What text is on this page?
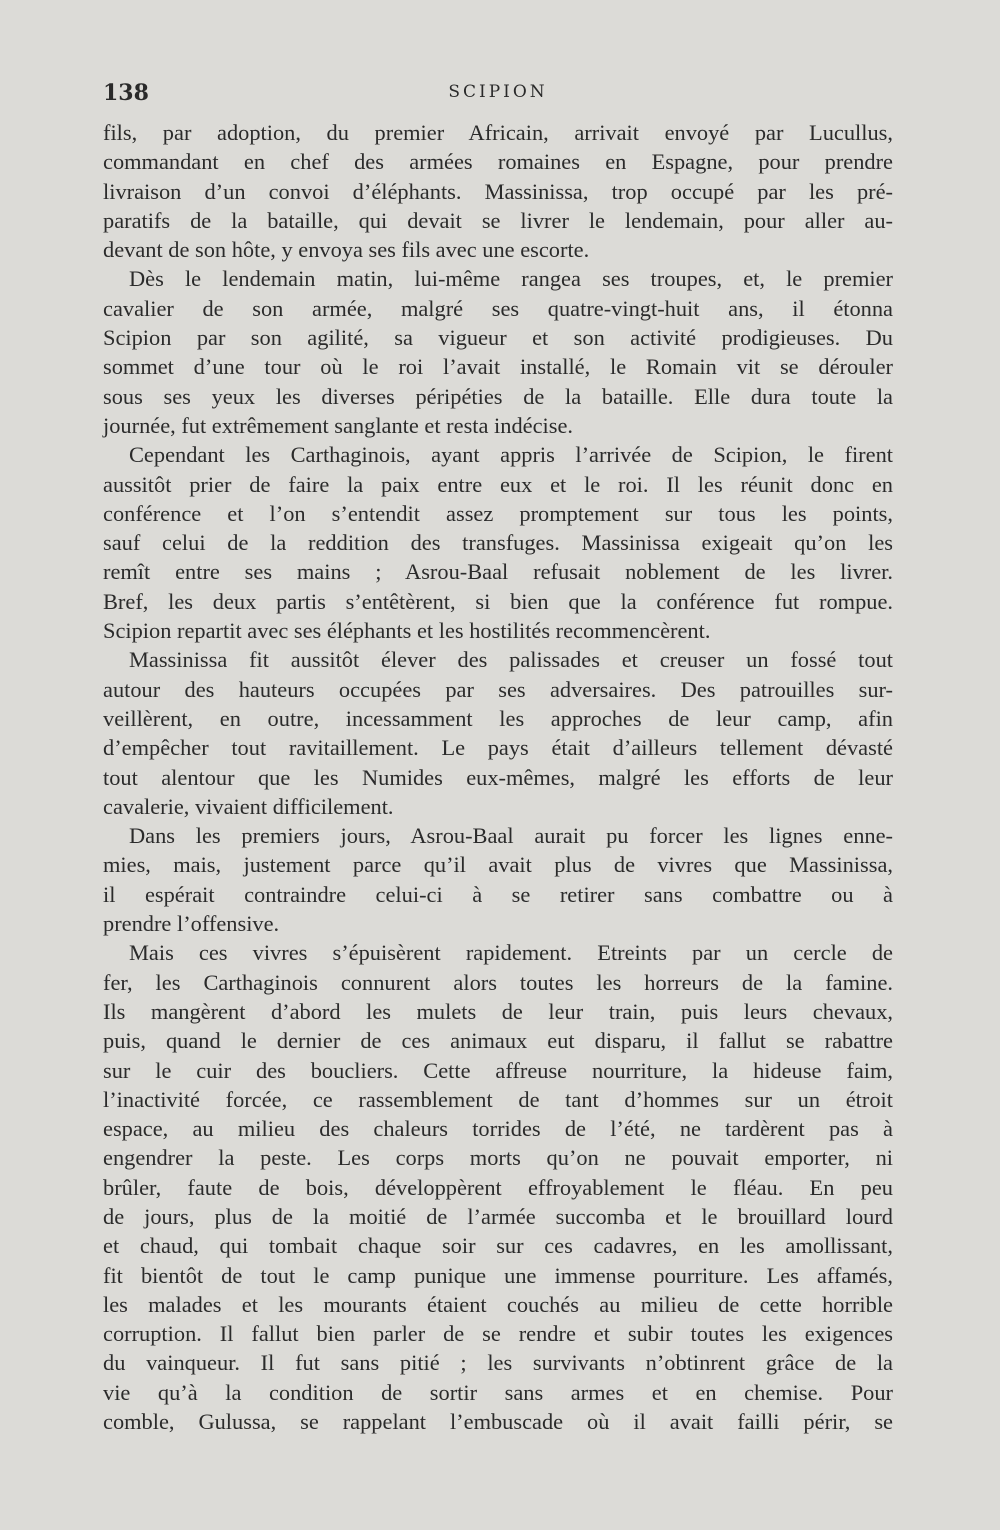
138	SCIPION

fils, par adoption, du premier Africain, arrivait envoyé par Lucullus,
commandant en chef des armées romaines en Espagne, pour prendre
livraison d’un convoi d’éléphants. Massinissa, trop occupé par les pré-
paratifs de la bataille, qui devait se livrer le lendemain, pour aller au-
devant de son hôte, y envoya ses fils avec une escorte.

Dès le lendemain matin, lui-même rangea ses troupes, et, le premier
cavalier de son armée, malgré ses quatre-vingt-huit ans, il étonna
Scipion par son agilité, sa vigueur et son activité prodigieuses. Du
sommet d’une tour où le roi l’avait installé, le Romain vit se dérouler
sous ses yeux les diverses péripéties de la bataille. Elle dura toute la
journée, fut extrêmement sanglante et resta indécise.

Cependant les Carthaginois, ayant appris l’arrivée de Scipion, le firent
aussitôt prier de faire la paix entre eux et le roi. Il les réunit donc en
conférence et l’on s’entendit assez promptement sur tous les points,
sauf celui de la reddition des transfuges. Massinissa exigeait qu’on les
remît entre ses mains ; Asrou-Baal refusait noblement de les livrer.
Bref, les deux partis s’entêtèrent, si bien que la conférence fut rompue.
Scipion repartit avec ses éléphants et les hostilités recommencèrent.

Massinissa fit aussitôt élever des palissades et creuser un fossé tout
autour des hauteurs occupées par ses adversaires. Des patrouilles sur-
veillèrent, en outre, incessamment les approches de leur camp, afin
d’empêcher tout ravitaillement. Le pays était d’ailleurs tellement dévasté
tout alentour que les Numides eux-mêmes, malgré les efforts de leur
cavalerie, vivaient difficilement.

Dans les premiers jours, Asrou-Baal aurait pu forcer les lignes enne-
mies, mais, justement parce qu’il avait plus de vivres que Massinissa,
il espérait contraindre celui-ci à se retirer sans combattre ou à
prendre l’offensive.

Mais ces vivres s’épuisèrent rapidement. Etreints par un cercle de
fer, les Carthaginois connurent alors toutes les horreurs de la famine.
Ils mangèrent d’abord les mulets de leur train, puis leurs chevaux,
puis, quand le dernier de ces animaux eut disparu, il fallut se rabattre
sur le cuir des boucliers. Cette affreuse nourriture, la hideuse faim,
l’inactivité forcée, ce rassemblement de tant d’hommes sur un étroit
espace, au milieu des chaleurs torrides de l’été, ne tardèrent pas à
engendrer la peste. Les corps morts qu’on ne pouvait emporter, ni
brûler, faute de bois, développèrent effroyablement le fléau. En peu
de jours, plus de la moitié de l’armée succomba et le brouillard lourd
et chaud, qui tombait chaque soir sur ces cadavres, en les amollissant,
fit bientôt de tout le camp punique une immense pourriture. Les affamés,
les malades et les mourants étaient couchés au milieu de cette horrible
corruption. Il fallut bien parler de se rendre et subir toutes les exigences
du vainqueur. Il fut sans pitié ; les survivants n’obtinrent grâce de la
vie qu’à la condition de sortir sans armes et en chemise. Pour
comble, Gulussa, se rappelant l’embuscade où il avait failli périr, se
